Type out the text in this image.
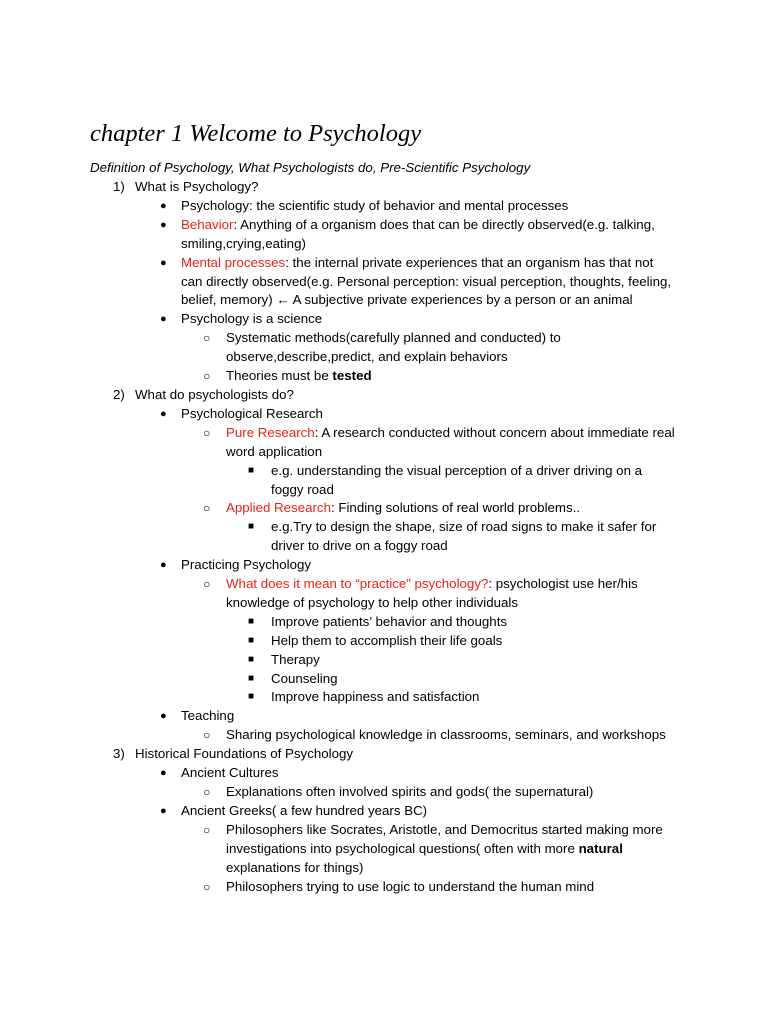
chapter 1 Welcome to Psychology
Definition of Psychology, What Psychologists do, Pre-Scientific Psychology
1) What is Psychology?
● Psychology: the scientific study of behavior and mental processes
● Behavior: Anything of a organism does that can be directly observed(e.g. talking, smiling,crying,eating)
● Mental processes: the internal private experiences that an organism has that not can directly observed(e.g. Personal perception: visual perception, thoughts, feeling, belief, memory) ← A subjective private experiences by a person or an animal
● Psychology is a science
○ Systematic methods(carefully planned and conducted) to observe,describe,predict, and explain behaviors
○ Theories must be tested
2) What do psychologists do?
● Psychological Research
○ Pure Research: A research conducted without concern about immediate real word application
■ e.g. understanding the visual perception of a driver driving on a foggy road
○ Applied Research: Finding solutions of real world problems..
■ e.g.Try to design the shape, size of road signs to make it safer for driver to drive on a foggy road
● Practicing Psychology
○ What does it mean to “practice” psychology?: psychologist use her/his knowledge of psychology to help other individuals
■ Improve patients’ behavior and thoughts
■ Help them to accomplish their life goals
■ Therapy
■ Counseling
■ Improve happiness and satisfaction
● Teaching
○ Sharing psychological knowledge in classrooms, seminars, and workshops
3) Historical Foundations of Psychology
● Ancient Cultures
○ Explanations often involved spirits and gods( the supernatural)
● Ancient Greeks( a few hundred years BC)
○ Philosophers like Socrates, Aristotle, and Democritus started making more investigations into psychological questions( often with more natural explanations for things)
○ Philosophers trying to use logic to understand the human mind
